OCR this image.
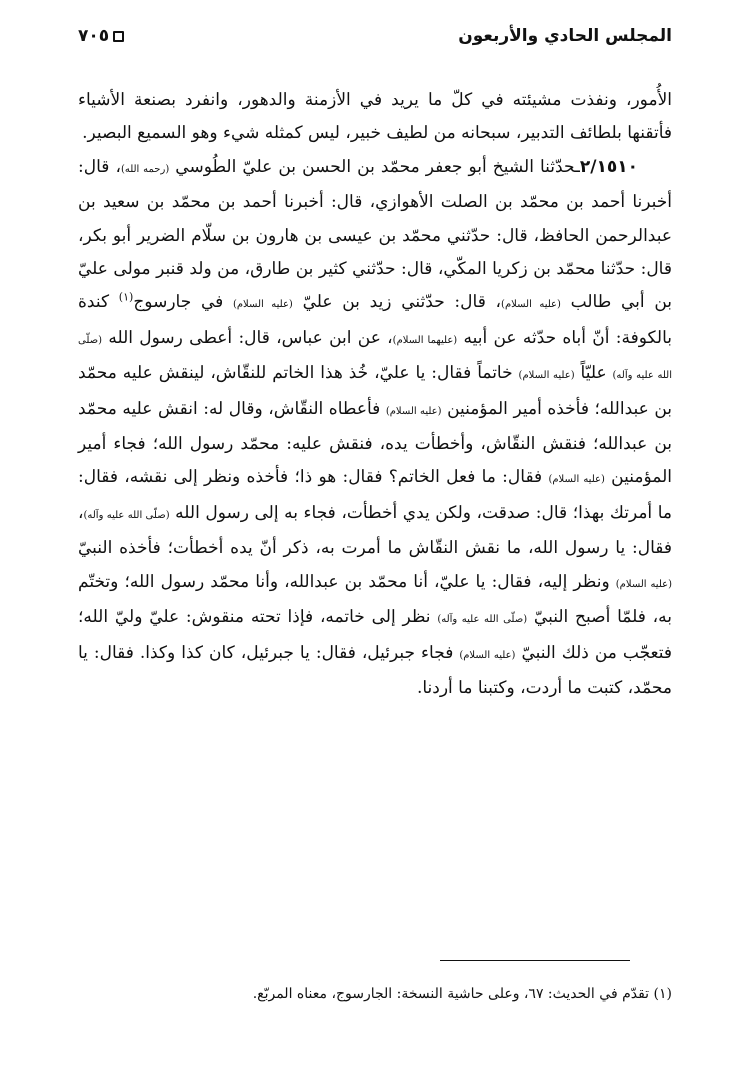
المجلس الحادي والأربعون
٧٠٥

الأُمور، ونفذت مشيئته في كلّ ما يريد في الأزمنة والدهور، وانفرد بصنعة الأشياء فأتقنها بلطائف التدبير، سبحانه من لطيف خبير، ليس كمثله شيء وهو السميع البصير.

  ٢/١٥١٠ـحدّثنا الشيخ أبو جعفر محمّد بن الحسن بن عليّ الطُوسي (رحمه الله)، قال: أخبرنا أحمد بن محمّد بن الصلت الأهوازي، قال: أخبرنا أحمد بن محمّد بن سعيد بن عبدالرحمن الحافظ، قال: حدّثني محمّد بن عيسى بن هارون بن سلّام الضرير أبو بكر، قال: حدّثنا محمّد بن زكريا المكّي، قال: حدّثني كثير بن طارق، من ولد قنبر مولى عليّ بن أبي طالب (عليه السلام)، قال: حدّثني زيد بن عليّ (عليه السلام) في جارسوج$^{(١)}$ كندة بالكوفة: أنّ أباه حدّثه عن أبيه (عليهما السلام)، عن ابن عباس، قال: أعطى رسول الله (صلّى الله عليه وآله) عليّاً (عليه السلام) خاتماً فقال: يا عليّ، خُذ هذا الخاتم للنقّاش، لينقش عليه محمّد بن عبدالله؛ فأخذه أمير المؤمنين (عليه السلام) فأعطاه النقّاش، وقال له: انقش عليه محمّد بن عبدالله؛ فنقش النقّاش، وأخطأت يده، فنقش عليه: محمّد رسول الله؛ فجاء أمير المؤمنين (عليه السلام) فقال: ما فعل الخاتم؟ فقال: هو ذا؛ فأخذه ونظر إلى نقشه، فقال: ما أمرتك بهذا؛ قال: صدقت، ولكن يدي أخطأت، فجاء به إلى رسول الله (صلّى الله عليه وآله)، فقال: يا رسول الله، ما نقش النقّاش ما أمرت به، ذكر أنّ يده أخطأت؛ فأخذه النبيّ (عليه السلام) ونظر إليه، فقال: يا عليّ، أنا محمّد بن عبدالله، وأنا محمّد رسول الله؛ وتختّم به، فلمّا أصبح النبيّ (صلّى الله عليه وآله) نظر إلى خاتمه، فإذا تحته منقوش: عليّ وليّ الله؛ فتعجّب من ذلك النبيّ (عليه السلام) فجاء جبرئيل، فقال: يا جبرئيل، كان كذا وكذا. فقال: يا محمّد، كتبت ما أردت، وكتبنا ما أردنا.

(١) تقدّم في الحديث: ٦٧، وعلى حاشية النسخة: الجارسوج، معناه المربّع.
